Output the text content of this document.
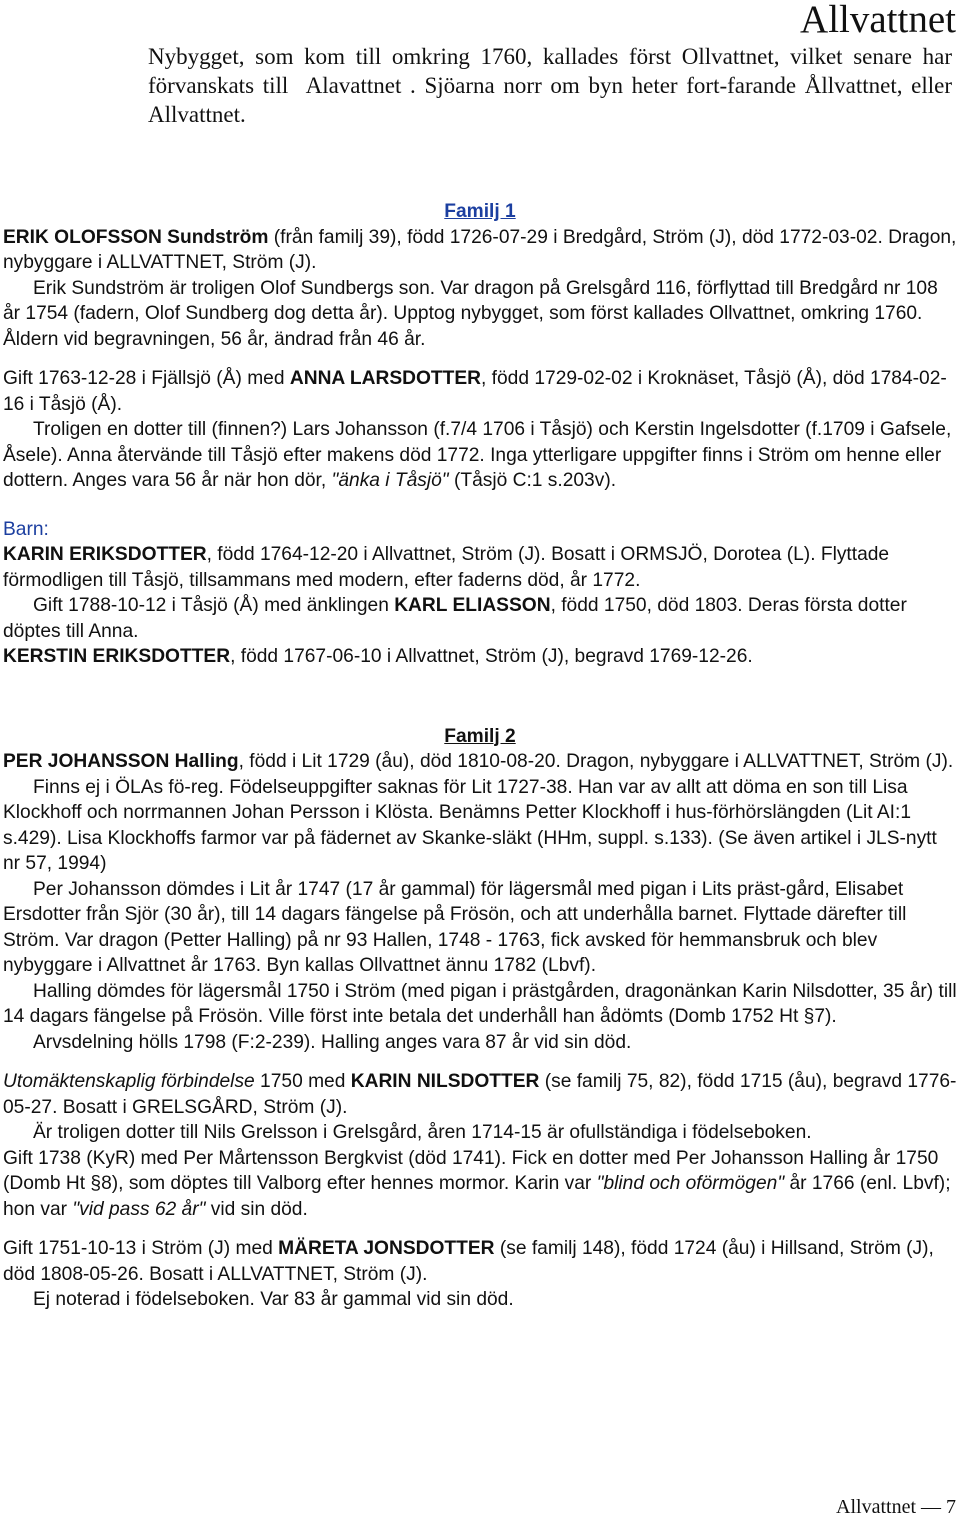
Allvattnet

Nybygget, som kom till omkring 1760, kallades först Ollvattnet, vilket senare har förvanskats till  Alavattnet . Sjöarna norr om byn heter fort-farande Ållvattnet, eller Allvattnet.

Familj 1

ERIK OLOFSSON Sundström (från familj 39), född 1726-07-29 i Bredgård, Ström (J), död 1772-03-02. Dragon, nybyggare i ALLVATTNET, Ström (J).

Erik Sundström är troligen Olof Sundbergs son. Var dragon på Grelsgård 116, förflyttad till Bredgård nr 108 år 1754 (fadern, Olof Sundberg dog detta år). Upptog nybygget, som först kallades Ollvattnet, omkring 1760. Åldern vid begravningen, 56 år, ändrad från 46 år.

Gift 1763-12-28 i Fjällsjö (Å) med ANNA LARSDOTTER, född 1729-02-02 i Kroknäset, Tåsjö (Å), död 1784-02-16 i Tåsjö (Å).

Troligen en dotter till (finnen?) Lars Johansson (f.7/4 1706 i Tåsjö) och Kerstin Ingelsdotter (f.1709 i Gafsele, Åsele). Anna återvände till Tåsjö efter makens död 1772. Inga ytterligare uppgifter finns i Ström om henne eller dottern. Anges vara 56 år när hon dör, "änka i Tåsjö" (Tåsjö C:1 s.203v).

Barn:

KARIN ERIKSDOTTER, född 1764-12-20 i Allvattnet, Ström (J). Bosatt i ORMSJÖ, Dorotea (L). Flyttade förmodligen till Tåsjö, tillsammans med modern, efter faderns död, år 1772.

Gift 1788-10-12 i Tåsjö (Å) med änklingen KARL ELIASSON, född 1750, död 1803. Deras första dotter döptes till Anna.

KERSTIN ERIKSDOTTER, född 1767-06-10 i Allvattnet, Ström (J), begravd 1769-12-26.

Familj 2

PER JOHANSSON Halling, född i Lit 1729 (åu), död 1810-08-20. Dragon, nybyggare i ALLVATTNET, Ström (J).

Finns ej i ÖLAs fö-reg. Födelseuppgifter saknas för Lit 1727-38. Han var av allt att döma en son till Lisa Klockhoff och norrmannen Johan Persson i Klösta. Benämns Petter Klockhoff i hus-förhörslängden (Lit AI:1 s.429). Lisa Klockhoffs farmor var på fädernet av Skanke-släkt (HHm, suppl. s.133). (Se även artikel i JLS-nytt nr 57, 1994)

Per Johansson dömdes i Lit år 1747 (17 år gammal) för lägersmål med pigan i Lits präst-gård, Elisabet Ersdotter från Sjör (30 år), till 14 dagars fängelse på Frösön, och att underhålla barnet. Flyttade därefter till Ström. Var dragon (Petter Halling) på nr 93 Hallen, 1748 - 1763, fick avsked för hemmansbruk och blev nybyggare i Allvattnet år 1763. Byn kallas Ollvattnet ännu 1782 (Lbvf).

Halling dömdes för lägersmål 1750 i Ström (med pigan i prästgården, dragonänkan Karin Nilsdotter, 35 år) till 14 dagars fängelse på Frösön. Ville först inte betala det underhåll han ådömts (Domb 1752 Ht §7).

Arvsdelning hölls 1798 (F:2-239). Halling anges vara 87 år vid sin död.

Utomäktenskaplig förbindelse 1750 med KARIN NILSDOTTER (se familj 75, 82), född 1715 (åu), begravd 1776-05-27. Bosatt i GRELSGÅRD, Ström (J).

Är troligen dotter till Nils Grelsson i Grelsgård, åren 1714-15 är ofullständiga i födelseboken.

Gift 1738 (KyR) med Per Mårtensson Bergkvist (död 1741). Fick en dotter med Per Johansson Halling år 1750 (Domb Ht §8), som döptes till Valborg efter hennes mormor. Karin var "blind och oförmögen" år 1766 (enl. Lbvf); hon var "vid pass 62 år" vid sin död.

Gift 1751-10-13 i Ström (J) med MÄRETA JONSDOTTER (se familj 148), född 1724 (åu) i Hillsand, Ström (J), död 1808-05-26. Bosatt i ALLVATTNET, Ström (J).

Ej noterad i födelseboken. Var 83 år gammal vid sin död.

Allvattnet — 7
